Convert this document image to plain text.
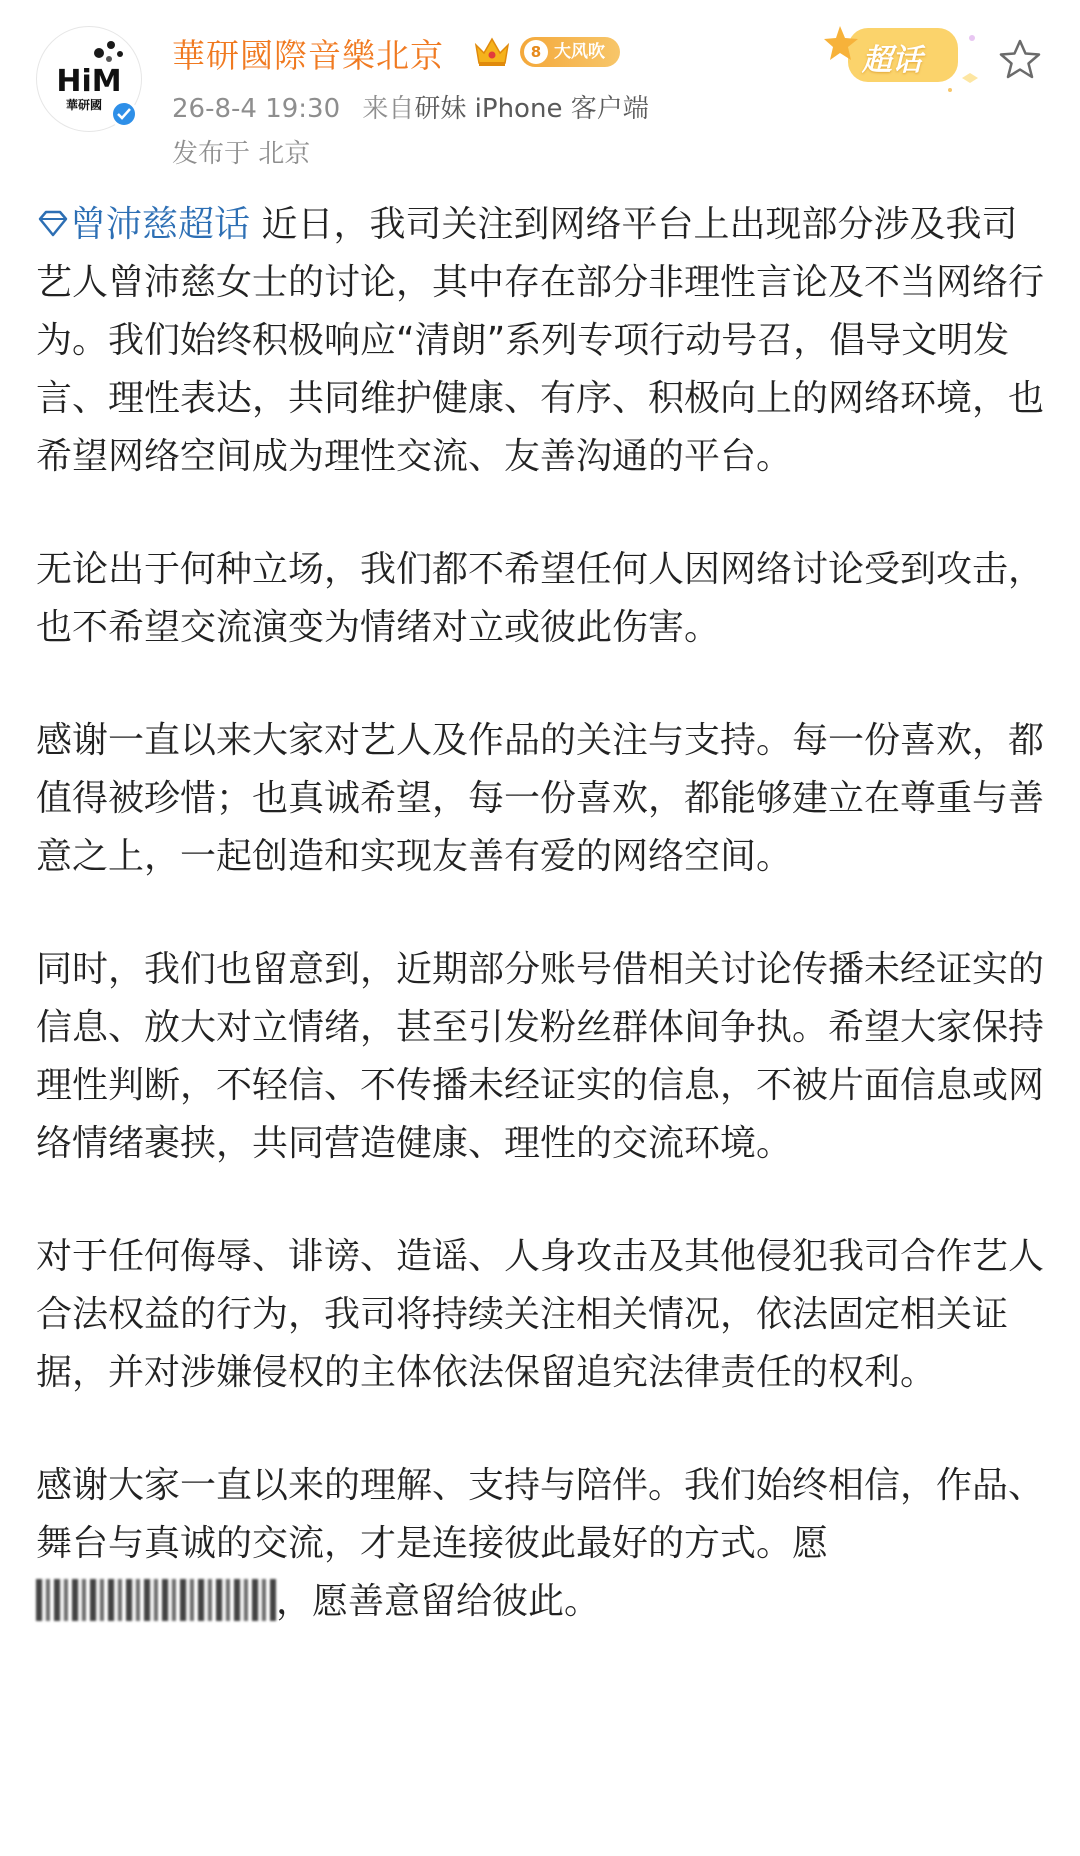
HiM
華研國
華研國際音樂北京	8 大风吹
26-8-4 19:30 来自研妹 iPhone 客户端
发布于 北京
超话

曾沛慈超话 近日，我司关注到网络平台上出现部分涉及我司艺人曾沛慈女士的讨论，其中存在部分非理性言论及不当网络行为。我们始终积极响应“清朗”系列专项行动号召，倡导文明发言、理性表达，共同维护健康、有序、积极向上的网络环境，也希望网络空间成为理性交流、友善沟通的平台。

无论出于何种立场，我们都不希望任何人因网络讨论受到攻击，也不希望交流演变为情绪对立或彼此伤害。

感谢一直以来大家对艺人及作品的关注与支持。每一份喜欢，都值得被珍惜；也真诚希望，每一份喜欢，都能够建立在尊重与善意之上，一起创造和实现友善有爱的网络空间。

同时，我们也留意到，近期部分账号借相关讨论传播未经证实的信息、放大对立情绪，甚至引发粉丝群体间争执。希望大家保持理性判断，不轻信、不传播未经证实的信息，不被片面信息或网络情绪裹挟，共同营造健康、理性的交流环境。

对于任何侮辱、诽谤、造谣、人身攻击及其他侵犯我司合作艺人合法权益的行为，我司将持续关注相关情况，依法固定相关证据，并对涉嫌侵权的主体依法保留追究法律责任的权利。

感谢大家一直以来的理解、支持与陪伴。我们始终相信，作品、舞台与真诚的交流，才是连接彼此最好的方式。愿，愿善意留给彼此。
